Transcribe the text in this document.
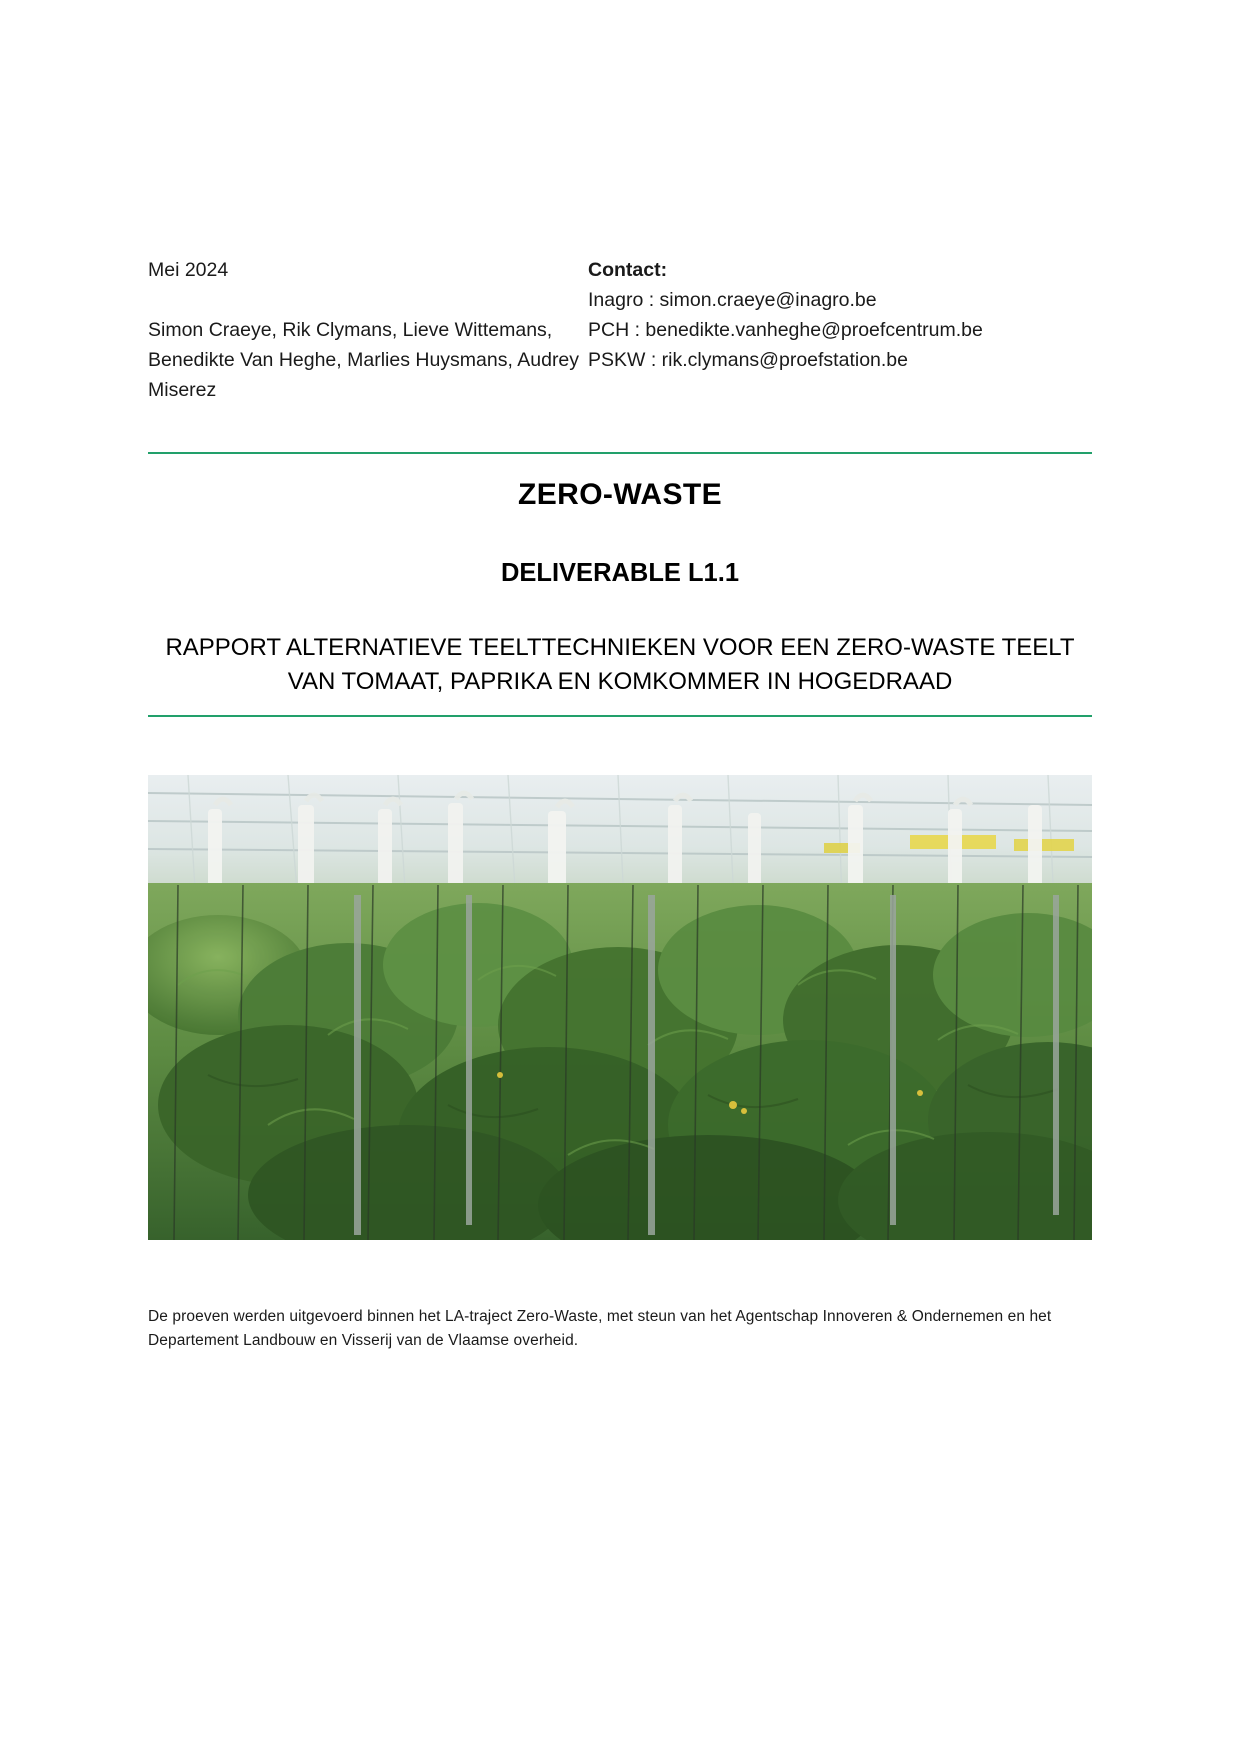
Mei 2024
Simon Craeye, Rik Clymans, Lieve Wittemans, Benedikte Van Heghe, Marlies Huysmans, Audrey Miserez
Contact:
Inagro : simon.craeye@inagro.be
PCH : benedikte.vanheghe@proefcentrum.be
PSKW : rik.clymans@proefstation.be
ZERO-WASTE
DELIVERABLE L1.1
RAPPORT ALTERNATIEVE TEELTTECHNIEKEN VOOR EEN ZERO-WASTE TEELT VAN TOMAAT, PAPRIKA EN KOMKOMMER IN HOGEDRAAD
De proeven werden uitgevoerd binnen het LA-traject Zero-Waste, met steun van het Agentschap Innoveren & Ondernemen en het Departement Landbouw en Visserij van de Vlaamse overheid.
